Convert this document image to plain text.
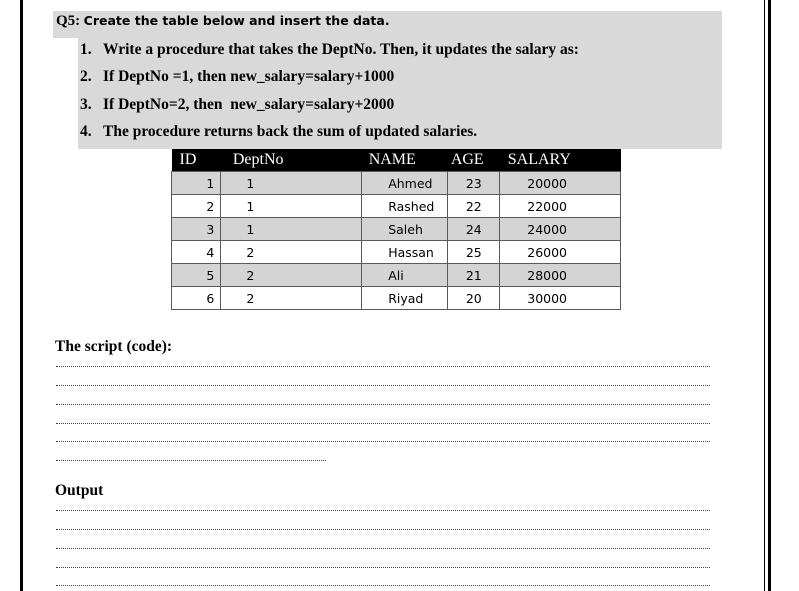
Q5: Create the table below and insert the data.
1. Write a procedure that takes the DeptNo. Then, it updates the salary as:
2. If DeptNo =1, then new_salary=salary+1000
3. If DeptNo=2, then  new_salary=salary+2000
4. The procedure returns back the sum of updated salaries.
ID	DeptNo	NAME	AGE	SALARY
1	1	Ahmed	23	20000
2	1	Rashed	22	22000
3	1	Saleh	24	24000
4	2	Hassan	25	26000
5	2	Ali	21	28000
6	2	Riyad	20	30000
The script (code):
Output
